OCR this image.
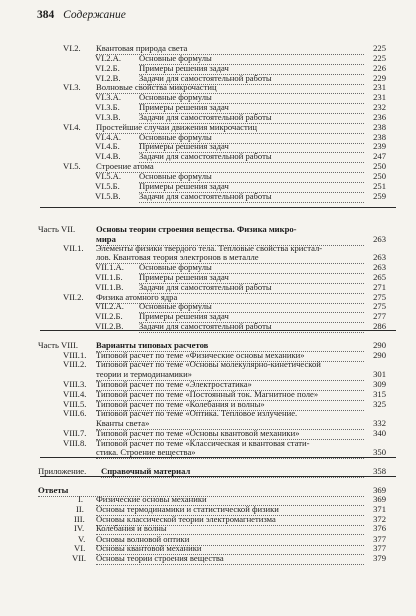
384 Содержание
VI.2. Квантовая природа света	225
VI.2.А. Основные формулы	225
VI.2.Б. Примеры решения задач	226
VI.2.В. Задачи для самостоятельной работы	229
VI.3. Волновые свойства микрочастиц	231
VI.3.А. Основные формулы	231
VI.3.Б. Примеры решения задач	232
VI.3.В. Задачи для самостоятельной работы	236
VI.4. Простейшие случаи движения микрочастиц	238
VI.4.А. Основные формулы	238
VI.4.Б. Примеры решения задач	239
VI.4.В. Задачи для самостоятельной работы	247
VI.5. Строение атома	250
VI.5.А. Основные формулы	250
VI.5.Б. Примеры решения задач	251
VI.5.В. Задачи для самостоятельной работы	259
Часть VII. Основы теории строения вещества. Физика микро-
мира	263
VII.1. Элементы физики твердого тела. Тепловые свойства кристал-
лов. Квантовая теория электронов в металле	263
VII.1.А. Основные формулы	263
VII.1.Б. Примеры решения задач	265
VII.1.В. Задачи для самостоятельной работы	271
VII.2. Физика атомного ядра	275
VII.2.А. Основные формулы	275
VII.2.Б. Примеры решения задач	277
VII.2.В. Задачи для самостоятельной работы	286
Часть VIII. Варианты типовых расчетов	290
VIII.1. Типовой расчет по теме «Физические основы механики»	290
VIII.2. Типовой расчет по теме «Основы молекулярно-кинетической
теории и термодинамики»	301
VIII.3. Типовой расчет по теме «Электростатика»	309
VIII.4. Типовой расчет по теме «Постоянный ток. Магнитное поле»	315
VIII.5. Типовой расчет по теме «Колебания и волны»	325
VIII.6. Типовой расчет по теме «Оптика. Тепловое излучение.
Кванты света»	332
VIII.7. Типовой расчет по теме «Основы квантовой механики»	340
VIII.8. Типовой расчет по теме «Классическая и квантовая стати-
стика. Строение вещества»	350
Приложение. Справочный материал	358
Ответы	369
I. Физические основы механики	369
II. Основы термодинамики и статистической физики	371
III. Основы классической теории электромагнетизма	372
IV. Колебания и волны	376
V. Основы волновой оптики	377
VI. Основы квантовой механики	377
VII. Основы теории строения вещества	379
